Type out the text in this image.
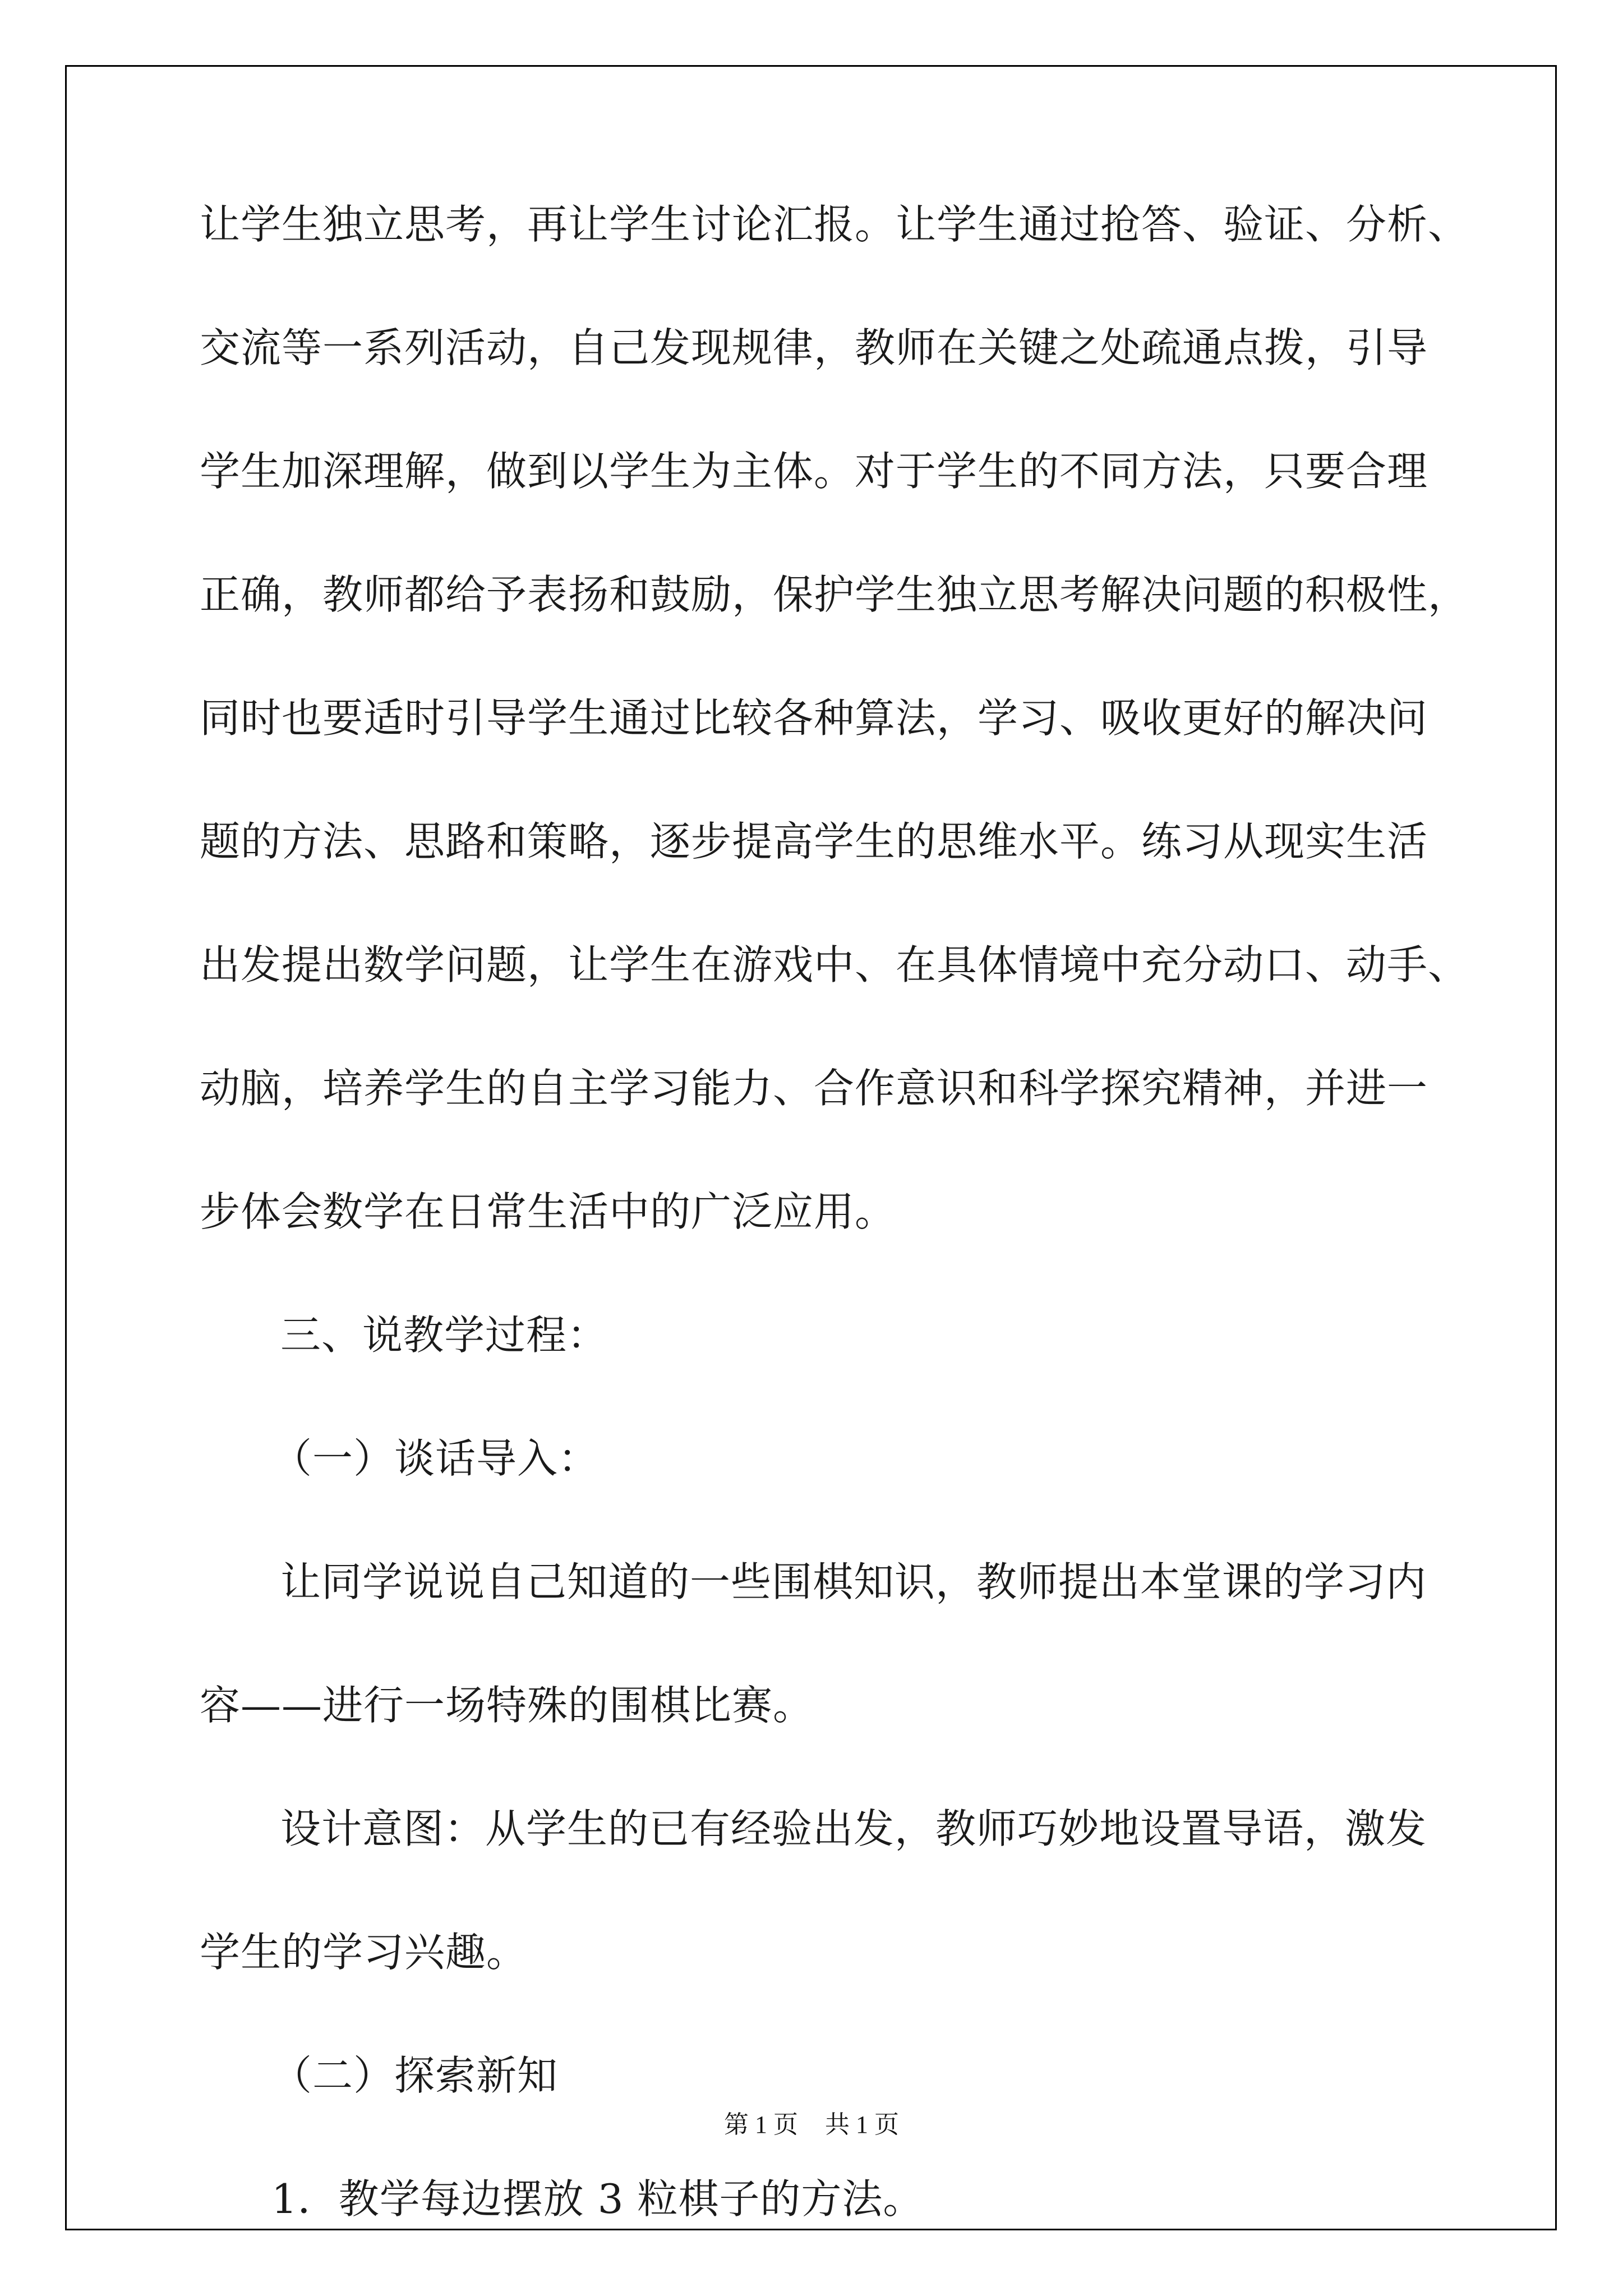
让学生独立思考，再让学生讨论汇报。让学生通过抢答、验证、分析、
交流等一系列活动，自己发现规律，教师在关键之处疏通点拨，引导
学生加深理解，做到以学生为主体。对于学生的不同方法，只要合理
正确，教师都给予表扬和鼓励，保护学生独立思考解决问题的积极性，
同时也要适时引导学生通过比较各种算法，学习、吸收更好的解决问
题的方法、思路和策略，逐步提高学生的思维水平。练习从现实生活
出发提出数学问题，让学生在游戏中、在具体情境中充分动口、动手、
动脑，培养学生的自主学习能力、合作意识和科学探究精神，并进一
步体会数学在日常生活中的广泛应用。
三、说教学过程：
（一）谈话导入：
让同学说说自己知道的一些围棋知识，教师提出本堂课的学习内
容——进行一场特殊的围棋比赛。
设计意图：从学生的已有经验出发，教师巧妙地设置导语，激发
学生的学习兴趣。
（二）探索新知
1．教学每边摆放 3 粒棋子的方法。
第 1 页 共 1 页
